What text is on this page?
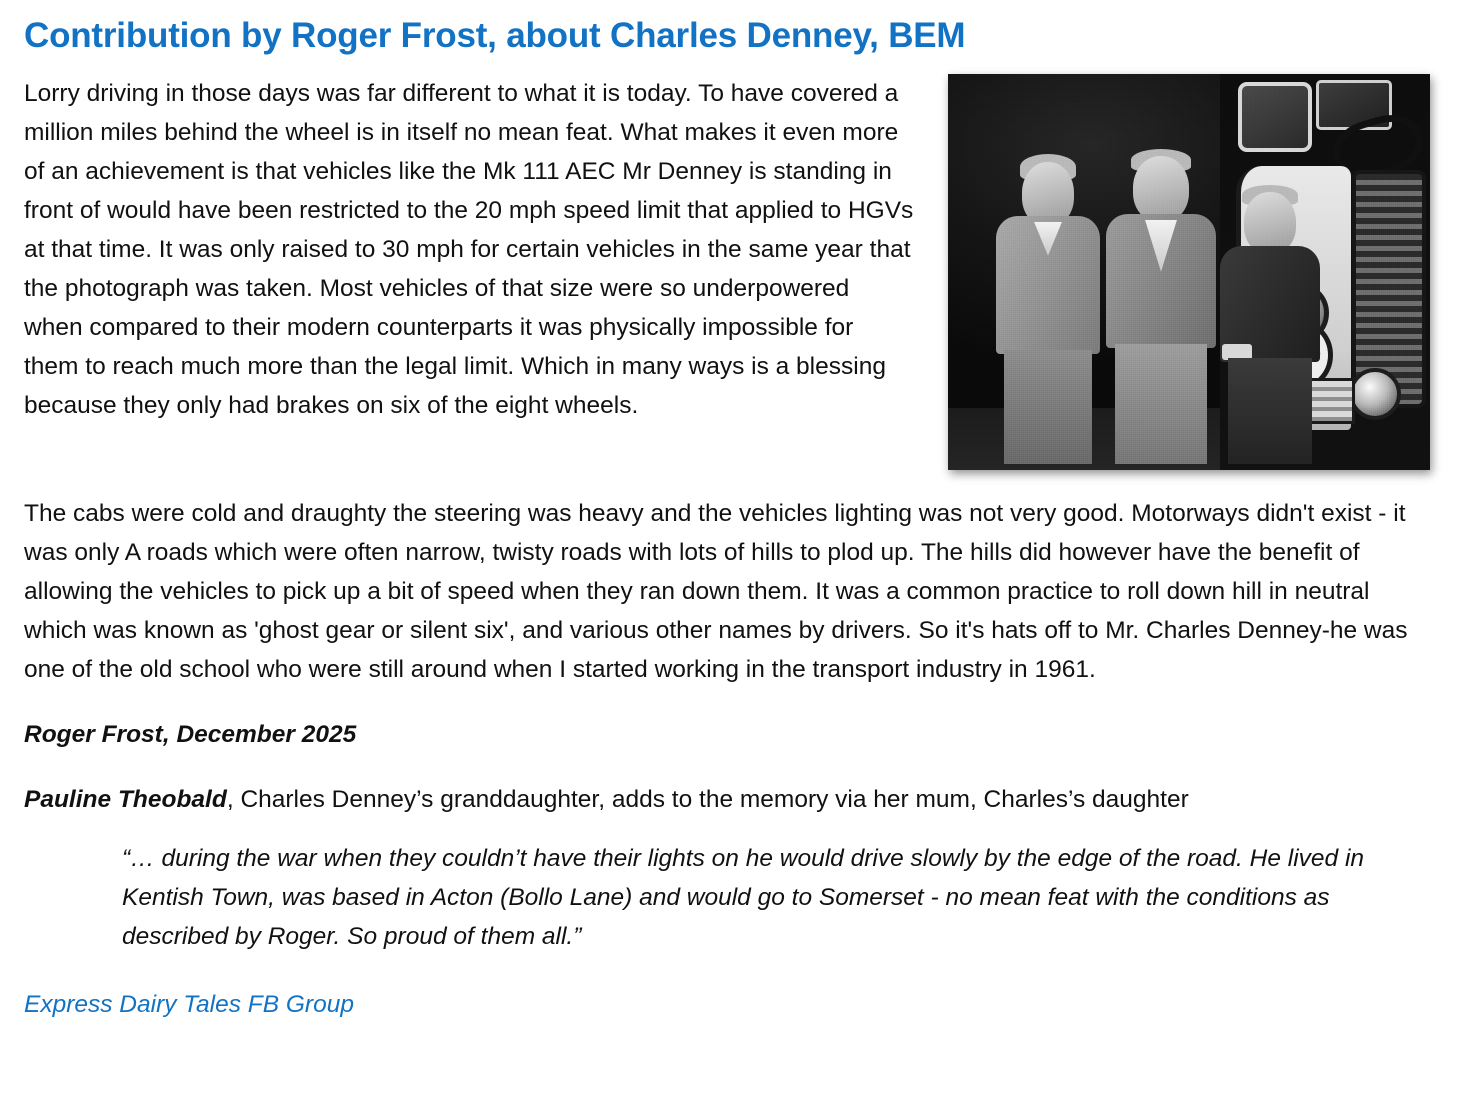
Contribution by Roger Frost, about Charles Denney, BEM

Lorry driving in those days was far different to what it is today. To have covered a million miles behind the wheel is in itself no mean feat. What makes it even more of an achievement is that vehicles like the Mk 111 AEC Mr Denney is standing in front of would have been restricted to the 20 mph speed limit that applied to HGVs at that time. It was only raised to 30 mph for certain vehicles in the same year that the photograph was taken. Most vehicles of that size were so underpowered when compared to their modern counterparts it was physically impossible for them to reach much more than the legal limit. Which in many ways is a blessing because they only had brakes on six of the eight wheels.

The cabs were cold and draughty the steering was heavy and the vehicles lighting was not very good. Motorways didn't exist - it was only A roads which were often narrow, twisty roads with lots of hills to plod up. The hills did however have the benefit of allowing the vehicles to pick up a bit of speed when they ran down them. It was a common practice to roll down hill in neutral which was known as 'ghost gear or silent six', and various other names by drivers. So it's hats off to Mr. Charles Denney-he was one of the old school who were still around when I started working in the transport industry in 1961.

Roger Frost, December 2025

Pauline Theobald, Charles Denney’s granddaughter, adds to the memory via her mum, Charles’s daughter

“… during the war when they couldn’t have their lights on he would drive slowly by the edge of the road. He lived in Kentish Town, was based in Acton (Bollo Lane) and would go to Somerset - no mean feat with the conditions as described by Roger. So proud of them all.”
Express Dairy Tales FB Group
